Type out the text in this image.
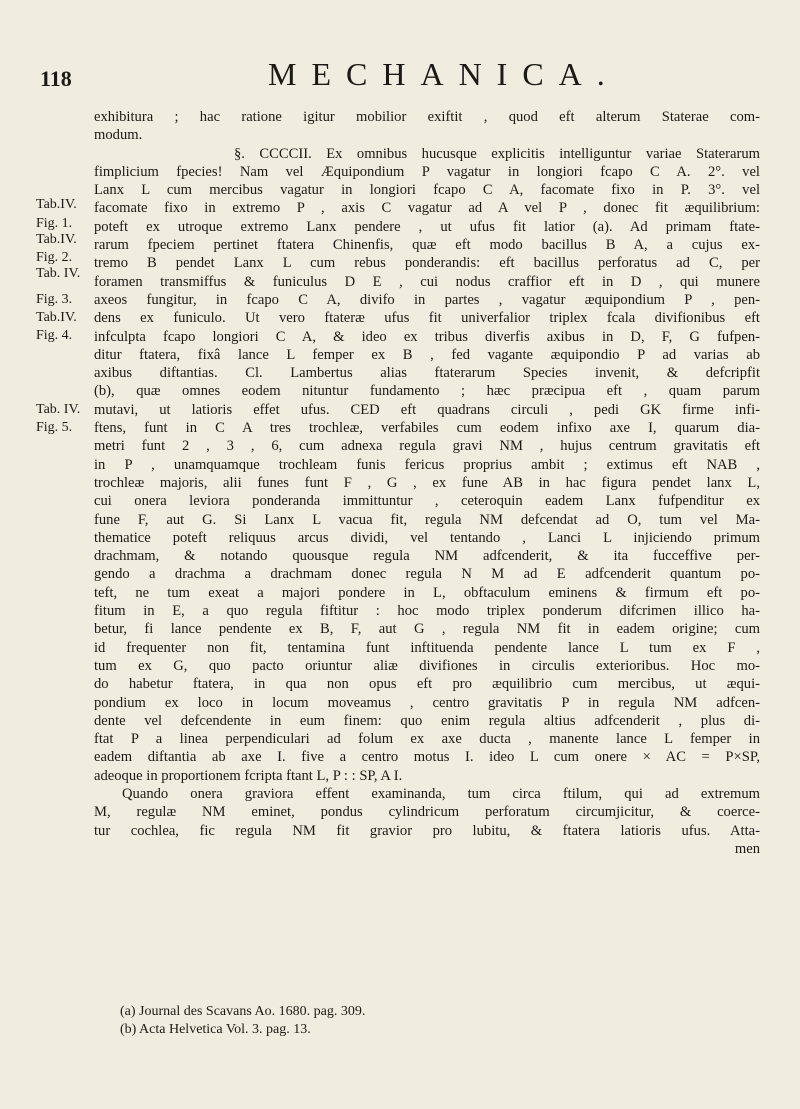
118	MECHANICA.
Tab.IV.
Fig. 1.
Tab.IV.
Fig. 2.
Tab. IV.
Fig. 3.
Tab.IV.
Fig. 4.
Tab. IV.
Fig. 5.
exhibitura ; hac ratione igitur mobilior exiftit , quod eft alterum Staterae com-
modum.
§. CCCCII. Ex omnibus hucusque explicitis intelliguntur variae Staterarum
fimplicium fpecies! Nam vel Æquipondium P vagatur in longiori fcapo C A. 2°. vel
Lanx L cum mercibus vagatur in longiori fcapo C A, facomate fixo in P. 3°. vel
facomate fixo in extremo P , axis C vagatur ad A vel P , donec fit æquilibrium:
poteft ex utroque extremo Lanx pendere , ut ufus fit latior (a). Ad primam ftate-
rarum fpeciem pertinet ftatera Chinenfis, quæ eft modo bacillus B A, a cujus ex-
tremo B pendet Lanx L cum rebus ponderandis: eft bacillus perforatus ad C, per
foramen transmiffus & funiculus D E , cui nodus craffior eft in D , qui munere
axeos fungitur, in fcapo C A, divifo in partes , vagatur æquipondium P , pen-
dens ex funiculo. Ut vero ftateræ ufus fit univerfalior triplex fcala divifionibus eft
infculpta fcapo longiori C A, & ideo ex tribus diverfis axibus in D, F, G fufpen-
ditur ftatera, fixâ lance L femper ex B , fed vagante æquipondio P ad varias ab
axibus diftantias. Cl. Lambertus alias ftaterarum Species invenit, & defcripfit
(b), quæ omnes eodem nituntur fundamento ; hæc præcipua eft , quam parum
mutavi, ut latioris effet ufus. CED eft quadrans circuli , pedi GK firme infi-
ftens, funt in C A tres trochleæ, verfabiles cum eodem infixo axe I, quarum dia-
metri funt 2 , 3 , 6, cum adnexa regula gravi NM , hujus centrum gravitatis eft
in P , unamquamque trochleam funis fericus proprius ambit ; extimus eft NAB ,
trochleæ majoris, alii funes funt F , G , ex fune AB in hac figura pendet lanx L,
cui onera leviora ponderanda immittuntur , ceteroquin eadem Lanx fufpenditur ex
fune F, aut G. Si Lanx L vacua fit, regula NM defcendat ad O, tum vel Ma-
thematice poteft reliquus arcus dividi, vel tentando , Lanci L injiciendo primum
drachmam, & notando quousque regula NM adfcenderit, & ita fucceffive per-
gendo a drachma a drachmam donec regula N M ad E adfcenderit quantum po-
teft, ne tum exeat a majori pondere in L, obftaculum eminens & firmum eft po-
fitum in E, a quo regula fiftitur : hoc modo triplex ponderum difcrimen illico ha-
betur, fi lance pendente ex B, F, aut G , regula NM fit in eadem origine; cum
id frequenter non fit, tentamina funt inftituenda pendente lance L tum ex F ,
tum ex G, quo pacto oriuntur aliæ divifiones in circulis exterioribus. Hoc mo-
do habetur ftatera, in qua non opus eft pro æquilibrio cum mercibus, ut æqui-
pondium ex loco in locum moveamus , centro gravitatis P in regula NM adfcen-
dente vel defcendente in eum finem: quo enim regula altius adfcenderit , plus di-
ftat P a linea perpendiculari ad folum ex axe ducta , manente lance L femper in
eadem diftantia ab axe I. five a centro motus I. ideo L cum onere × AC = P×SP,
adeoque in proportionem fcripta ftant L, P : : SP, A I.
Quando onera graviora effent examinanda, tum circa ftilum, qui ad extremum
M, regulæ NM eminet, pondus cylindricum perforatum circumjicitur, & coerce-
tur cochlea, fic regula NM fit gravior pro lubitu, & ftatera latioris ufus. Atta-
men
(a) Journal des Scavans Ao. 1680. pag. 309.
(b) Acta Helvetica Vol. 3. pag. 13.
